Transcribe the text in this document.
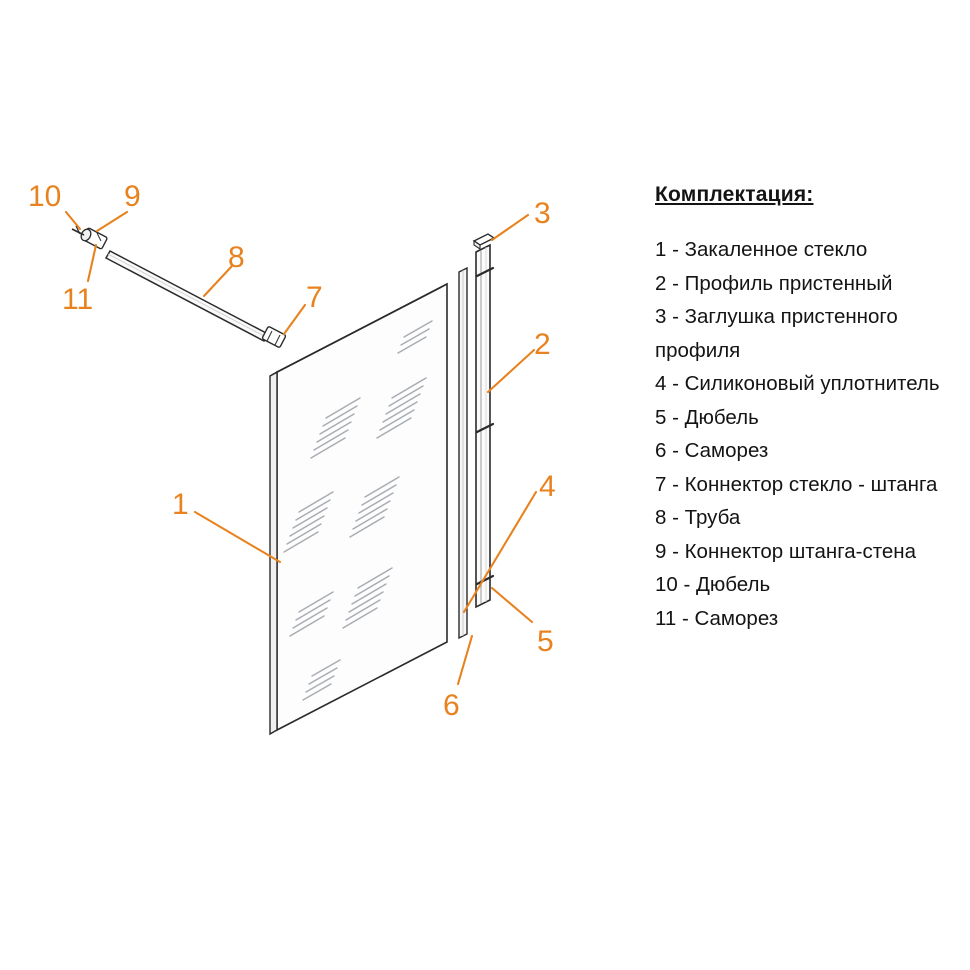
10 9
11
8
7
3
2
1
4
5
6
Комплектация:
1 - Закаленное стекло
2 - Профиль пристенный
3 - Заглушка пристенного профиля
4 - Силиконовый уплотнитель
5 - Дюбель
6 - Саморез
7 - Коннектор стекло - штанга
8 - Труба
9 - Коннектор штанга-стена
10 - Дюбель
11 - Саморез
